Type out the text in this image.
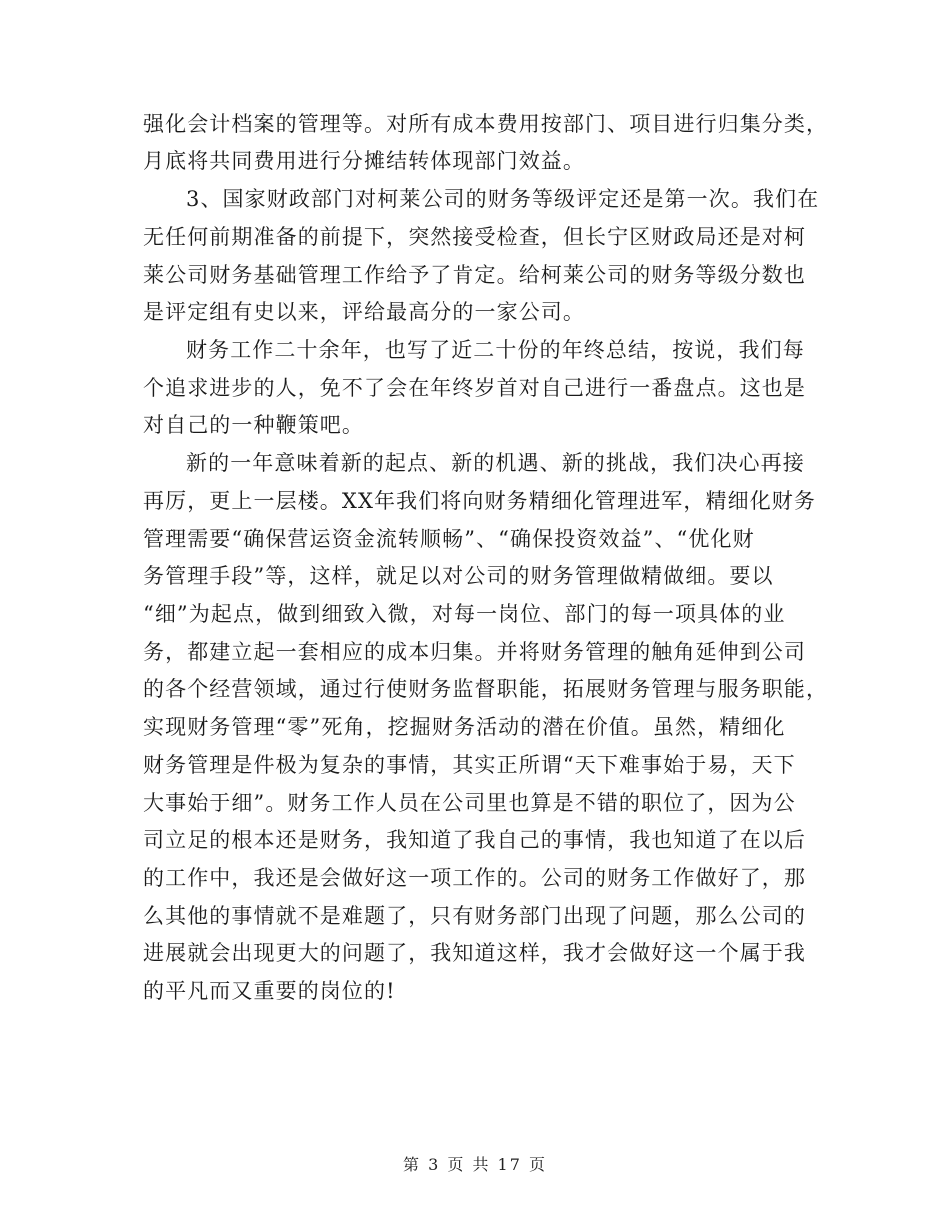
强化会计档案的管理等。对所有成本费用按部门、项目进行归集分类，
月底将共同费用进行分摊结转体现部门效益。
3、国家财政部门对柯莱公司的财务等级评定还是第一次。我们在
无任何前期准备的前提下，突然接受检查，但长宁区财政局还是对柯
莱公司财务基础管理工作给予了肯定。给柯莱公司的财务等级分数也
是评定组有史以来，评给最高分的一家公司。
财务工作二十余年，也写了近二十份的年终总结，按说，我们每
个追求进步的人，免不了会在年终岁首对自己进行一番盘点。这也是
对自己的一种鞭策吧。
新的一年意味着新的起点、新的机遇、新的挑战，我们决心再接
再厉，更上一层楼。XX年我们将向财务精细化管理进军，精细化财务
管理需要“确保营运资金流转顺畅”、“确保投资效益”、“优化财
务管理手段”等，这样，就足以对公司的财务管理做精做细。要以
“细”为起点，做到细致入微，对每一岗位、部门的每一项具体的业
务，都建立起一套相应的成本归集。并将财务管理的触角延伸到公司
的各个经营领域，通过行使财务监督职能，拓展财务管理与服务职能，
实现财务管理“零”死角，挖掘财务活动的潜在价值。虽然，精细化
财务管理是件极为复杂的事情，其实正所谓“天下难事始于易，天下
大事始于细”。财务工作人员在公司里也算是不错的职位了，因为公
司立足的根本还是财务，我知道了我自己的事情，我也知道了在以后
的工作中，我还是会做好这一项工作的。公司的财务工作做好了，那
么其他的事情就不是难题了，只有财务部门出现了问题，那么公司的
进展就会出现更大的问题了，我知道这样，我才会做好这一个属于我
的平凡而又重要的岗位的!
第 3 页 共 17 页
